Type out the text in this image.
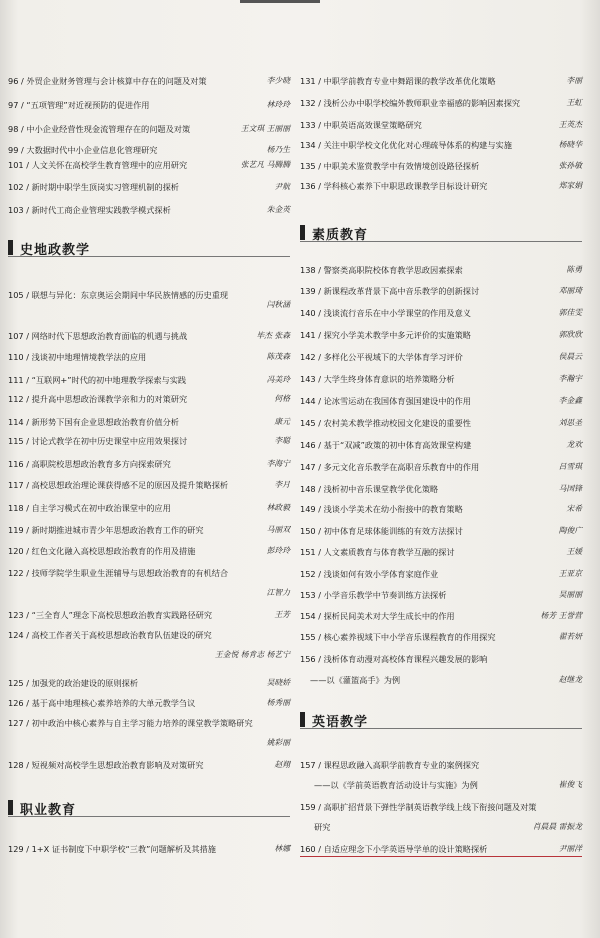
96 / 外贸企业财务管理与会计核算中存在的问题及对策	李少晓
97 / “五项管理”对近视预防的促进作用	林玲玲
98 / 中小企业经营性现金流管理存在的问题及对策	王文琪 王丽丽
99 / 大数据时代中小企业信息化管理研究	杨乃生
101 / 人文关怀在高校学生教育管理中的应用研究	张艺凡 马腾腾
102 / 新时期中职学生顶岗实习管理机制的探析	尹航
103 / 新时代工商企业管理实践教学模式探析	朱金英
史地政教学
105 / 联想与异化：东京奥运会期间中华民族情感的历史重现
闫秋涵
107 / 网络时代下思想政治教育面临的机遇与挑战	毕杰 张森
110 / 浅谈初中地理情境教学法的应用	陈茂森
111 / “互联网+”时代的初中地理教学探索与实践	冯美玲
112 / 提升高中思想政治课教学亲和力的对策研究	何格
114 / 新形势下国有企业思想政治教育价值分析	康元
115 / 讨论式教学在初中历史课堂中应用效果探讨	李聪
116 / 高职院校思想政治教育多方向探索研究	李海宁
117 / 高校思想政治理论课获得感不足的原因及提升策略探析	李月
118 / 自主学习模式在初中政治课堂中的应用	林政毅
119 / 新时期推进城市青少年思想政治教育工作的研究	马丽双
120 / 红色文化融入高校思想政治教育的作用及措施	彭玲玲
122 / 技师学院学生职业生涯辅导与思想政治教育的有机结合
江智力
123 / “三全育人”理念下高校思想政治教育实践路径研究	王芳
124 / 高校工作者关于高校思想政治教育队伍建设的研究
王金悦 杨肯志 杨艺宁
125 / 加强党的政治建设的原则探析	吴晓娇
126 / 基于高中地理核心素养培养的大单元教学刍议	杨秀丽
127 / 初中政治中核心素养与自主学习能力培养的课堂教学策略研究
姚彩丽
128 / 短视频对高校学生思想政治教育影响及对策研究	赵翔
职业教育
129 / 1+X 证书制度下中职学校“三教”问题解析及其措施	林娜
131 / 中职学前教育专业中舞蹈课的教学改革优化策略	李丽
132 / 浅析公办中职学校编外教师职业幸福感的影响因素探究	王虹
133 / 中职英语高效课堂策略研究	王英杰
134 / 关注中职学校文化优化对心理疏导体系的构建与实施	杨晓华
135 / 中职美术鉴赏教学中有效情境创设路径探析	张孙敏
136 / 学科核心素养下中职思政课教学目标设计研究	郑家娟
素质教育
138 / 警察类高职院校体育教学思政因素探索	陈勇
139 / 新课程改革背景下高中音乐教学的创新探讨	邓丽琦
140 / 浅谈流行音乐在中小学课堂的作用及意义	郭佳雯
141 / 探究小学美术教学中多元评价的实施策略	郭欣欣
142 / 多样化公平视域下的大学体育学习评价	侯晨云
143 / 大学生终身体育意识的培养策略分析	李瀚宇
144 / 论冰雪运动在我国体育强国建设中的作用	李金鑫
145 / 农村美术教学推动校园文化建设的重要性	刘思圣
146 / 基于“双减”政策的初中体育高效课堂构建	龙欢
147 / 多元文化音乐教学在高职音乐教育中的作用	吕雪琪
148 / 浅析初中音乐课堂教学优化策略	马国锋
149 / 浅谈小学美术在幼小衔接中的教育策略	宋希
150 / 初中体育足球体能训练的有效方法探讨	陶俊广
151 / 人文素质教育与体育教学互融的探讨	王媛
152 / 浅谈如何有效小学体育家庭作业	王亚京
153 / 小学音乐教学中节奏训练方法探析	吴丽丽
154 / 探析民间美术对大学生成长中的作用	杨芳 王誉营
155 / 核心素养视域下中小学音乐课程教育的作用探究	翟若妍
156 / 浅析体育动漫对高校体育课程兴趣发展的影响
——以《灌篮高手》为例	赵继龙
英语教学
157 / 课程思政融入高职学前教育专业的案例探究
——以《学前英语教育活动设计与实施》为例	崔俊飞
159 / 高职扩招背景下弹性学制英语教学线上线下衔接问题及对策
研究	肖晨晨 雷振龙
160 / 自适应理念下小学英语导学单的设计策略探析	尹丽洋
